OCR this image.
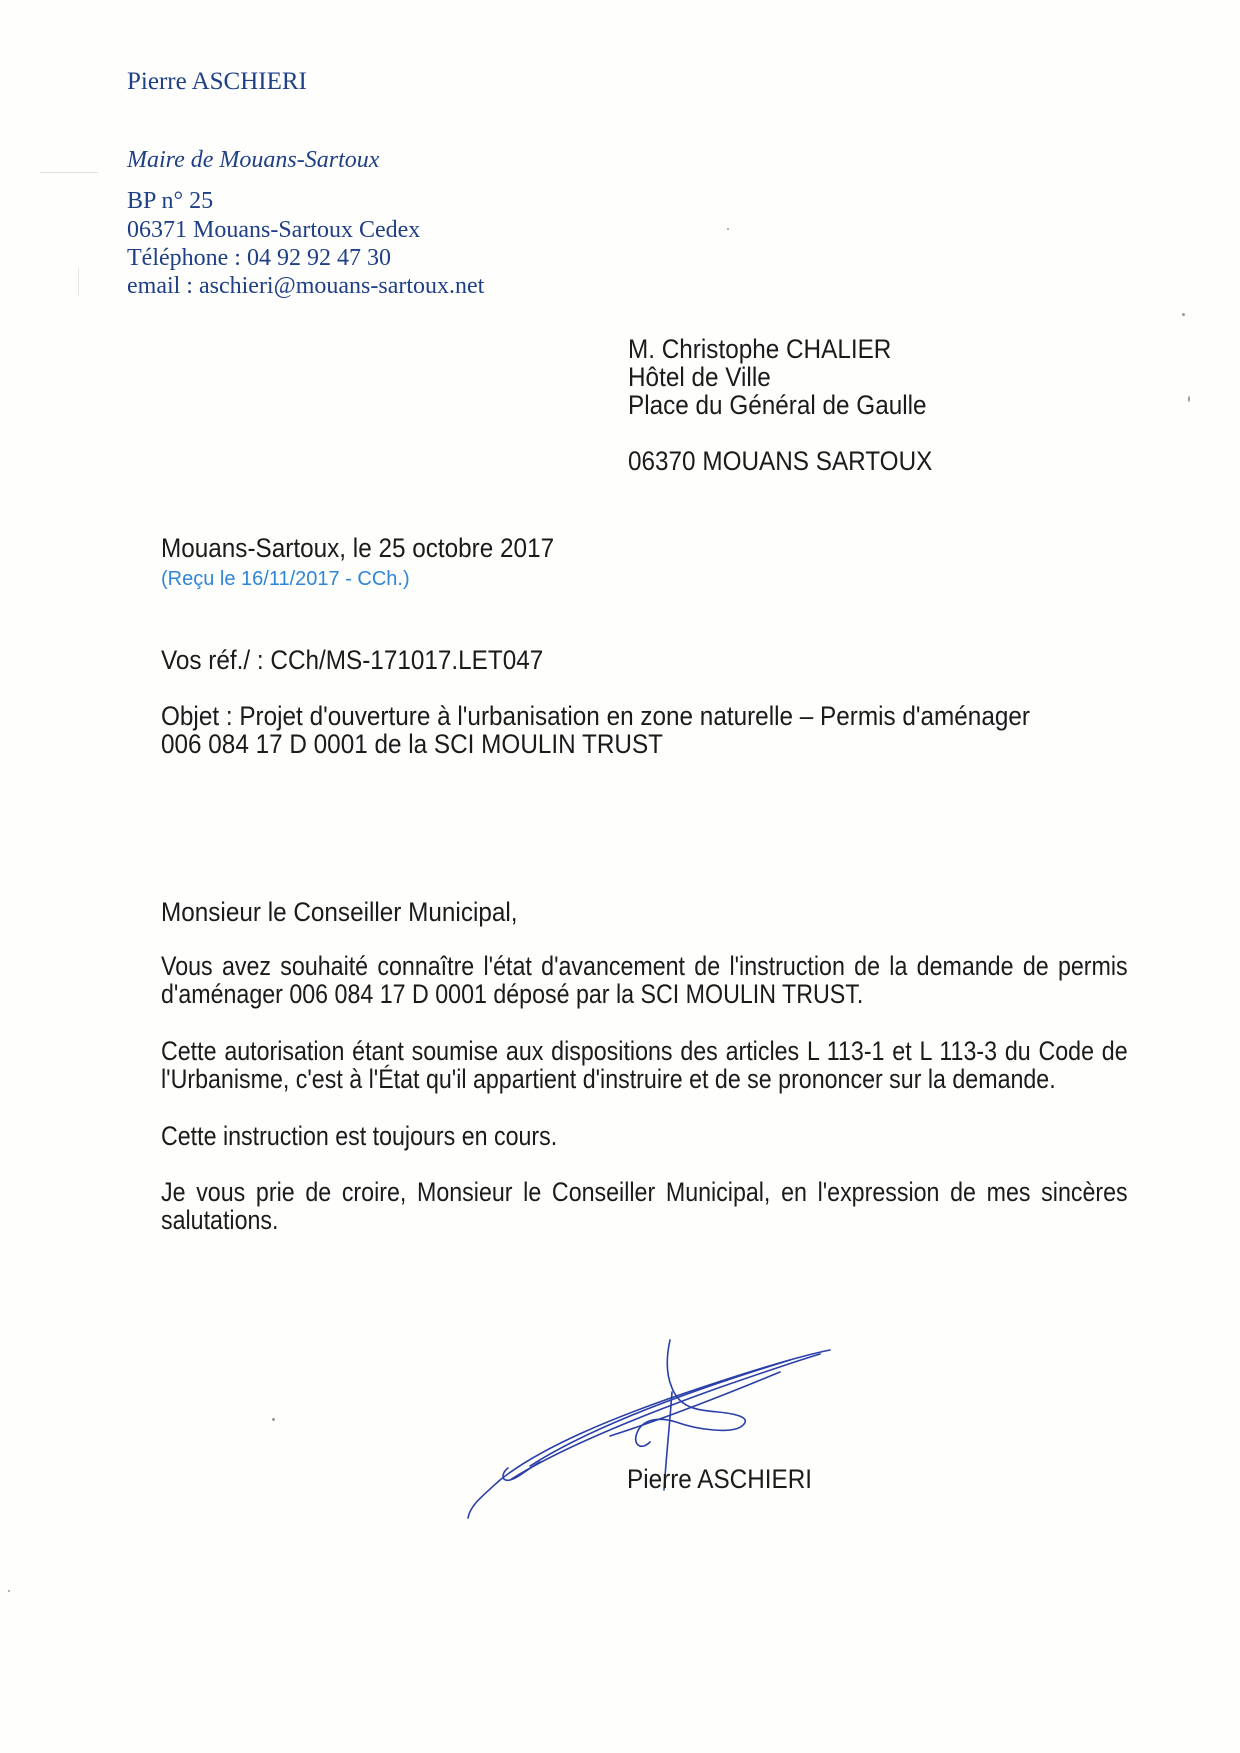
Pierre ASCHIERI
Maire de Mouans-Sartoux
BP n° 25
06371 Mouans-Sartoux Cedex
Téléphone : 04 92 92 47 30
email : aschieri@mouans-sartoux.net
M. Christophe CHALIER
Hôtel de Ville
Place du Général de Gaulle
06370 MOUANS SARTOUX
Mouans-Sartoux, le 25 octobre 2017
(Reçu le 16/11/2017 - CCh.)
Vos réf./ : CCh/MS-171017.LET047
Objet : Projet d'ouverture à l'urbanisation en zone naturelle – Permis d'aménager
006 084 17 D 0001 de la SCI MOULIN TRUST
Monsieur le Conseiller Municipal,
Vous avez souhaité connaître l'état d'avancement de l'instruction de la demande de permis
d'aménager 006 084 17 D 0001 déposé par la SCI MOULIN TRUST.
Cette autorisation étant soumise aux dispositions des articles L 113-1 et L 113-3 du Code de
l'Urbanisme, c'est à l'État qu'il appartient d'instruire et de se prononcer sur la demande.
Cette instruction est toujours en cours.
Je vous prie de croire, Monsieur le Conseiller Municipal, en l'expression de mes sincères
salutations.
Pierre ASCHIERI
